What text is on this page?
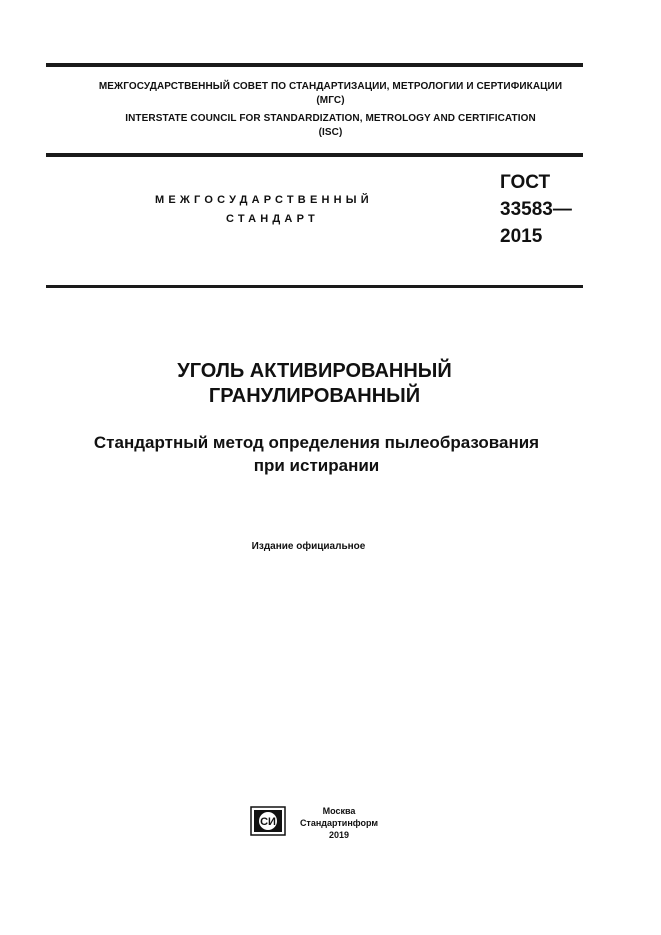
МЕЖГОСУДАРСТВЕННЫЙ СОВЕТ ПО СТАНДАРТИЗАЦИИ, МЕТРОЛОГИИ И СЕРТИФИКАЦИИ
(МГС)
INTERSTATE COUNCIL FOR STANDARDIZATION, METROLOGY AND CERTIFICATION
(ISC)
МЕЖГОСУДАРСТВЕННЫЙ
СТАНДАРТ
ГОСТ
33583—
2015
УГОЛЬ АКТИВИРОВАННЫЙ
ГРАНУЛИРОВАННЫЙ
Стандартный метод определения пылеобразования
при истирании
Издание официальное
СИ
Москва
Стандартинформ
2019
